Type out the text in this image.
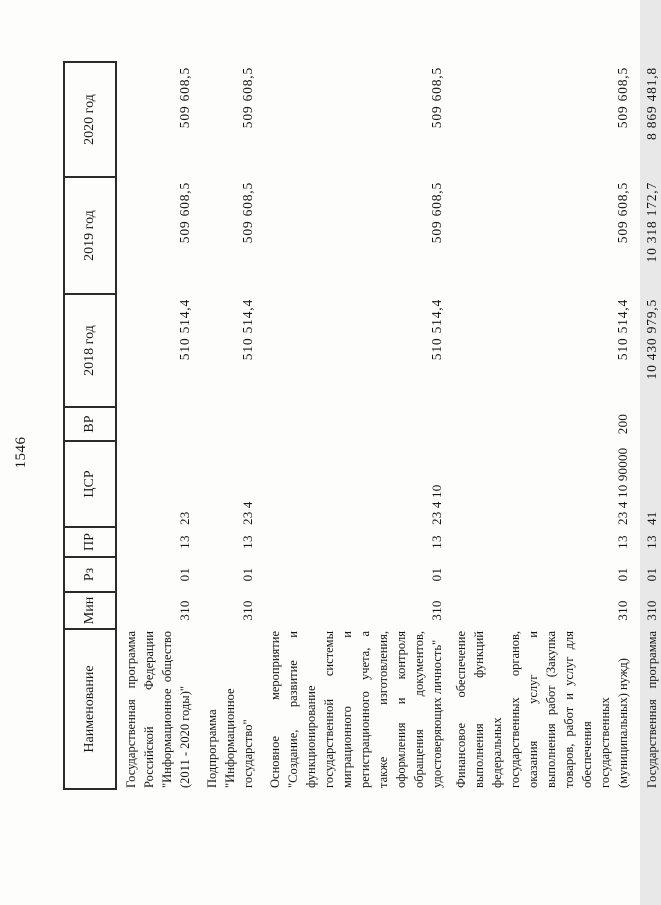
1546
Наименование	Мин	Рз	ПР	ЦСР	ВР	2018 год	2019 год	2020 год
Государственная программа Российской Федерации "Информационное общество (2011 - 2020 годы)"	310	01	13	23		510 514,4	509 608,5	509 608,5
Подпрограмма "Информационное государство"	310	01	13	23 4		510 514,4	509 608,5	509 608,5
Основное мероприятие "Создание, развитие и функционирование государственной системы миграционного и регистрационного учета, а также изготовления, оформления и контроля обращения документов, удостоверяющих личность"	310	01	13	23 4 10		510 514,4	509 608,5	509 608,5
Финансовое обеспечение выполнения функций федеральных государственных органов, оказания услуг и выполнения работ (Закупка товаров, работ и услуг для обеспечения государственных (муниципальных) нужд)	310	01	13	23 4 10 90000	200	510 514,4	509 608,5	509 608,5
Государственная программа	310	01	13	41		10 430 979,5	10 318 172,7	8 869 481,8
